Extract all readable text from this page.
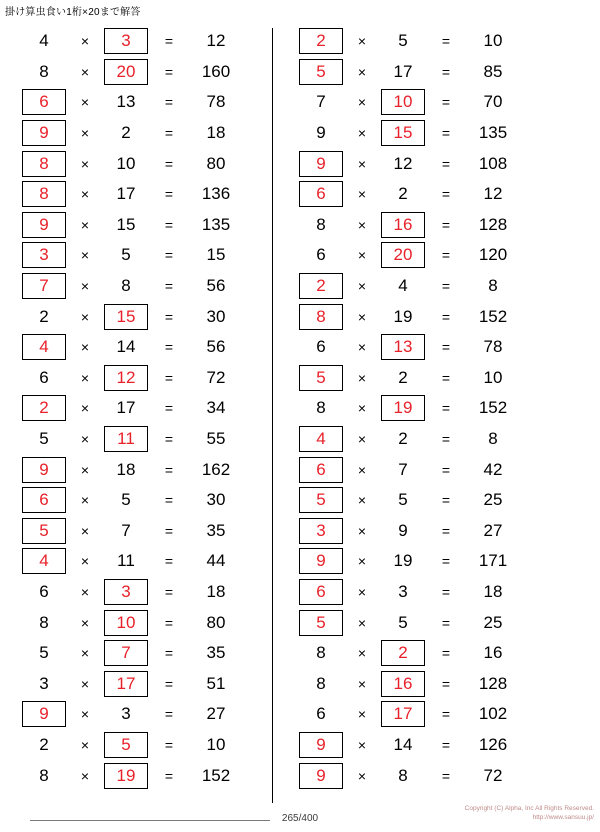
掛け算虫食い1桁×20まで解答
4	×	3	=	12
8	×	20	=	160
6	×	13	=	78
9	×	2	=	18
8	×	10	=	80
8	×	17	=	136
9	×	15	=	135
3	×	5	=	15
7	×	8	=	56
2	×	15	=	30
4	×	14	=	56
6	×	12	=	72
2	×	17	=	34
5	×	11	=	55
9	×	18	=	162
6	×	5	=	30
5	×	7	=	35
4	×	11	=	44
6	×	3	=	18
8	×	10	=	80
5	×	7	=	35
3	×	17	=	51
9	×	3	=	27
2	×	5	=	10
8	×	19	=	152
2	×	5	=	10
5	×	17	=	85
7	×	10	=	70
9	×	15	=	135
9	×	12	=	108
6	×	2	=	12
8	×	16	=	128
6	×	20	=	120
2	×	4	=	8
8	×	19	=	152
6	×	13	=	78
5	×	2	=	10
8	×	19	=	152
4	×	2	=	8
6	×	7	=	42
5	×	5	=	25
3	×	9	=	27
9	×	19	=	171
6	×	3	=	18
5	×	5	=	25
8	×	2	=	16
8	×	16	=	128
6	×	17	=	102
9	×	14	=	126
9	×	8	=	72
265/400
Copyright (C) Alpha, Inc All Rights Reserved.
http://www.sansuu.jp/
